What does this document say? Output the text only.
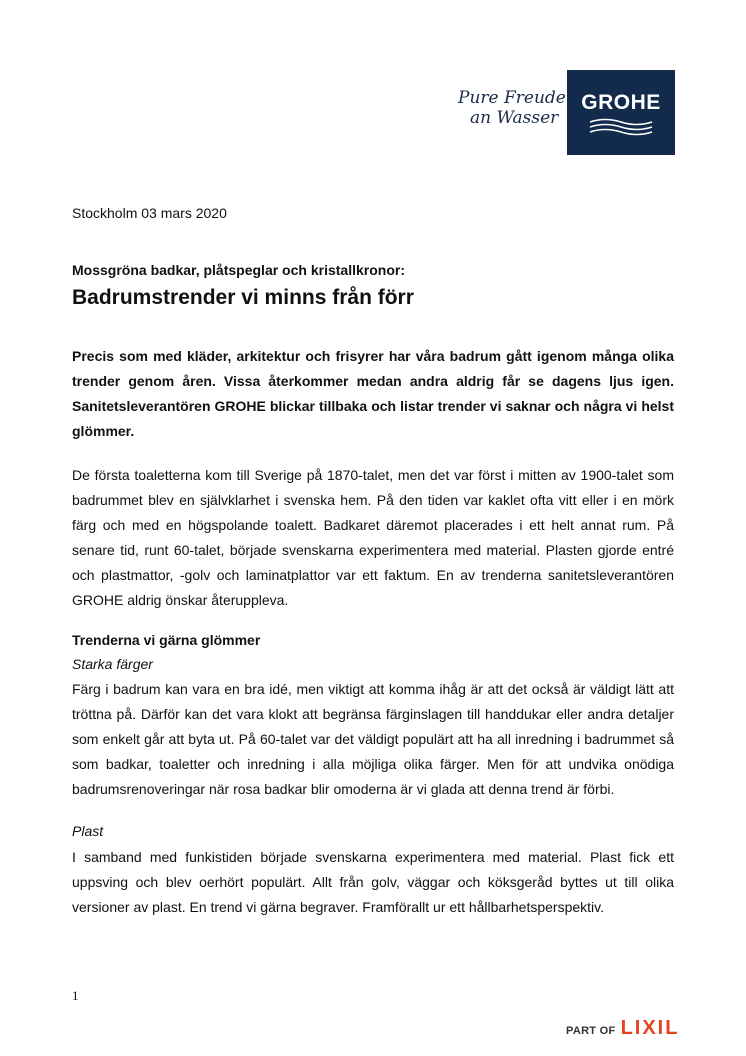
Pure Freude
an Wasser
GROHE
Stockholm 03 mars 2020
Mossgröna badkar, plåtspeglar och kristallkronor:
Badrumstrender vi minns från förr

Precis som med kläder, arkitektur och frisyrer har våra badrum gått igenom många olika trender genom åren. Vissa återkommer medan andra aldrig får se dagens ljus igen. Sanitetsleverantören GROHE blickar tillbaka och listar trender vi saknar och några vi helst glömmer.

De första toaletterna kom till Sverige på 1870-talet, men det var först i mitten av 1900-talet som badrummet blev en självklarhet i svenska hem. På den tiden var kaklet ofta vitt eller i en mörk färg och med en högspolande toalett. Badkaret däremot placerades i ett helt annat rum. På senare tid, runt 60-talet, började svenskarna experimentera med material. Plasten gjorde entré och plastmattor, -golv och laminatplattor var ett faktum. En av trenderna sanitetsleverantören GROHE aldrig önskar återuppleva.

Trenderna vi gärna glömmer
Starka färger

Färg i badrum kan vara en bra idé, men viktigt att komma ihåg är att det också är väldigt lätt att tröttna på. Därför kan det vara klokt att begränsa färginslagen till handdukar eller andra detaljer som enkelt går att byta ut. På 60-talet var det väldigt populärt att ha all inredning i badrummet så som badkar, toaletter och inredning i alla möjliga olika färger. Men för att undvika onödiga badrumsrenoveringar när rosa badkar blir omoderna är vi glada att denna trend är förbi.

Plast

I samband med funkistiden började svenskarna experimentera med material. Plast fick ett uppsving och blev oerhört populärt. Allt från golv, väggar och köksgeråd byttes ut till olika versioner av plast. En trend vi gärna begraver. Framförallt ur ett hållbarhetsperspektiv.

1
PART OF LIXIL
